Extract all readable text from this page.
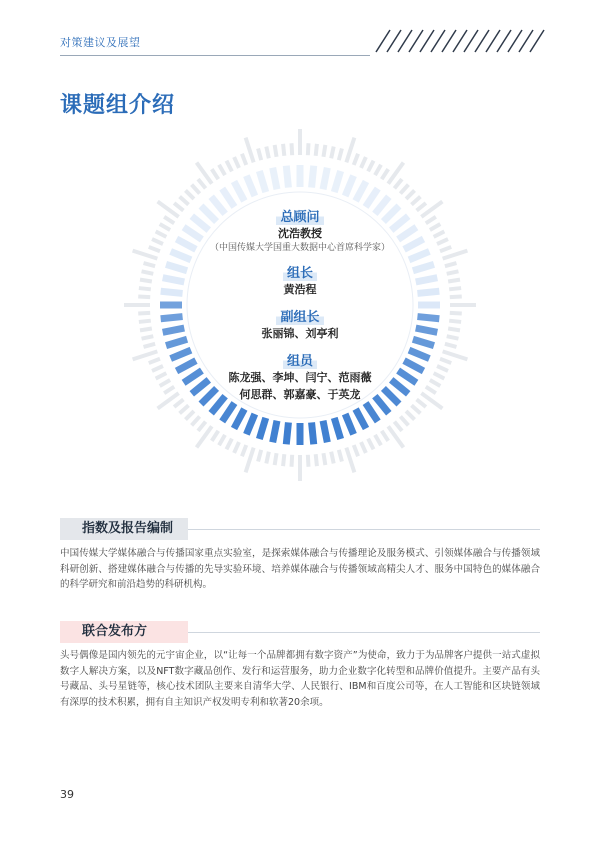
对策建议及展望
课题组介绍
总顾问
沈浩教授
（中国传媒大学国重大数据中心首席科学家）
组长
黄浩程
副组长
张丽锦、刘亭利
组员
陈龙强、李坤、闫宁、范雨薇
何思群、郭嘉豪、于英龙
指数及报告编制
中国传媒大学媒体融合与传播国家重点实验室，是探索媒体融合与传播理论及服务模式、引领媒体融合与传播领域科研创新、搭建媒体融合与传播的先导实验环境、培养媒体融合与传播领域高精尖人才、服务中国特色的媒体融合的科学研究和前沿趋势的科研机构。
联合发布方
头号偶像是国内领先的元宇宙企业，以“让每一个品牌都拥有数字资产”为使命，致力于为品牌客户提供一站式虚拟数字人解决方案，以及NFT数字藏品创作、发行和运营服务，助力企业数字化转型和品牌价值提升。主要产品有头号藏品、头号星链等，核心技术团队主要来自清华大学、人民银行、IBM和百度公司等，在人工智能和区块链领域有深厚的技术积累，拥有自主知识产权发明专利和软著20余项。
39
